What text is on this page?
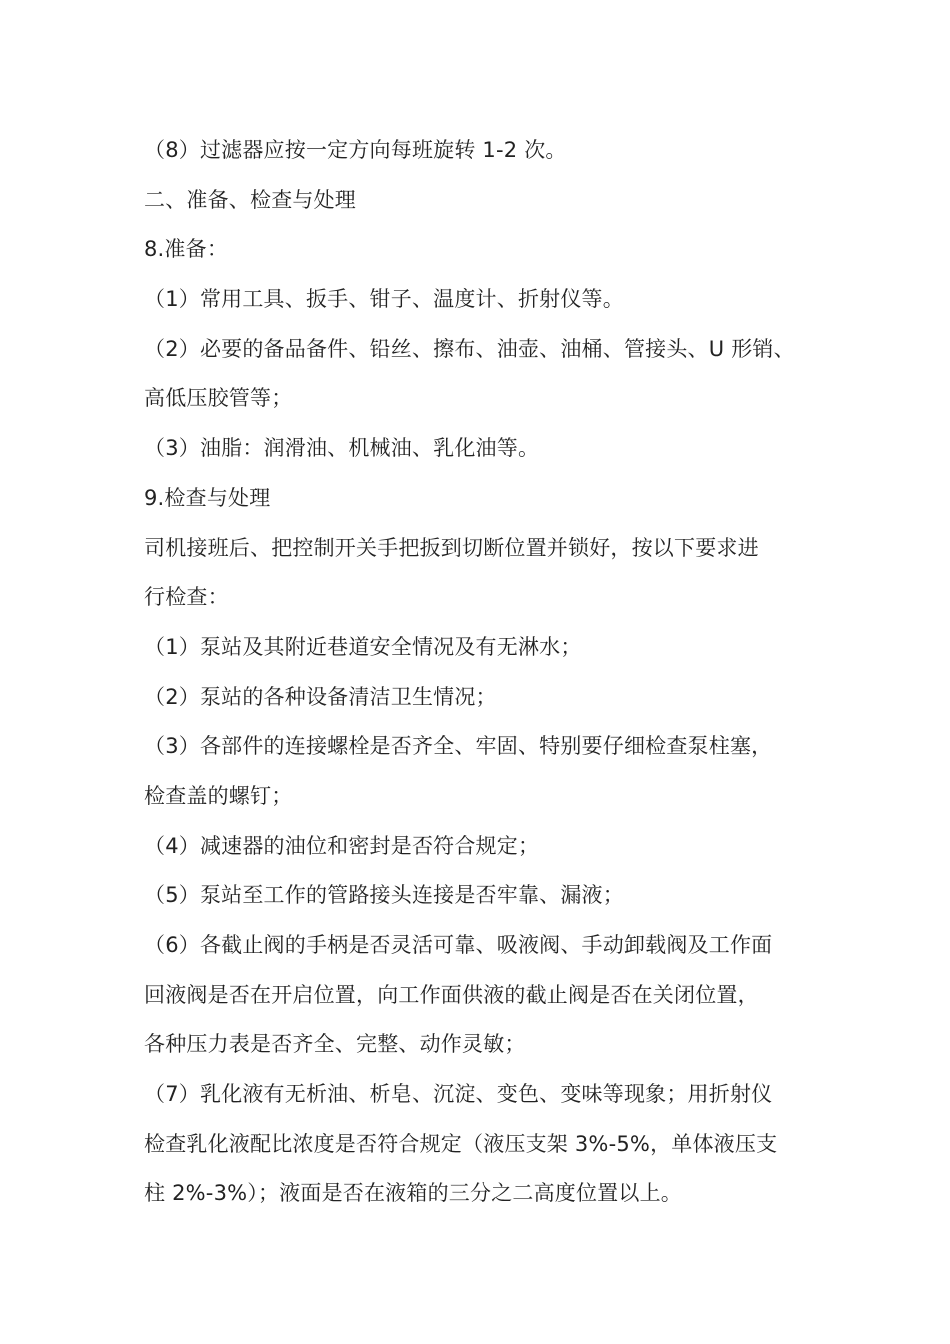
（8）过滤器应按一定方向每班旋转 1-2 次。
二、准备、检查与处理
8.准备：
（1）常用工具、扳手、钳子、温度计、折射仪等。
（2）必要的备品备件、铅丝、擦布、油壶、油桶、管接头、U 形销、
高低压胶管等；
（3）油脂：润滑油、机械油、乳化油等。
9.检查与处理
司机接班后、把控制开关手把扳到切断位置并锁好，按以下要求进
行检查：
（1）泵站及其附近巷道安全情况及有无淋水；
（2）泵站的各种设备清洁卫生情况；
（3）各部件的连接螺栓是否齐全、牢固、特别要仔细检查泵柱塞，
检查盖的螺钉；
（4）减速器的油位和密封是否符合规定；
（5）泵站至工作的管路接头连接是否牢靠、漏液；
（6）各截止阀的手柄是否灵活可靠、吸液阀、手动卸载阀及工作面
回液阀是否在开启位置，向工作面供液的截止阀是否在关闭位置，
各种压力表是否齐全、完整、动作灵敏；
（7）乳化液有无析油、析皂、沉淀、变色、变味等现象；用折射仪
检查乳化液配比浓度是否符合规定（液压支架 3%-5%，单体液压支
柱 2%-3%）；液面是否在液箱的三分之二高度位置以上。
